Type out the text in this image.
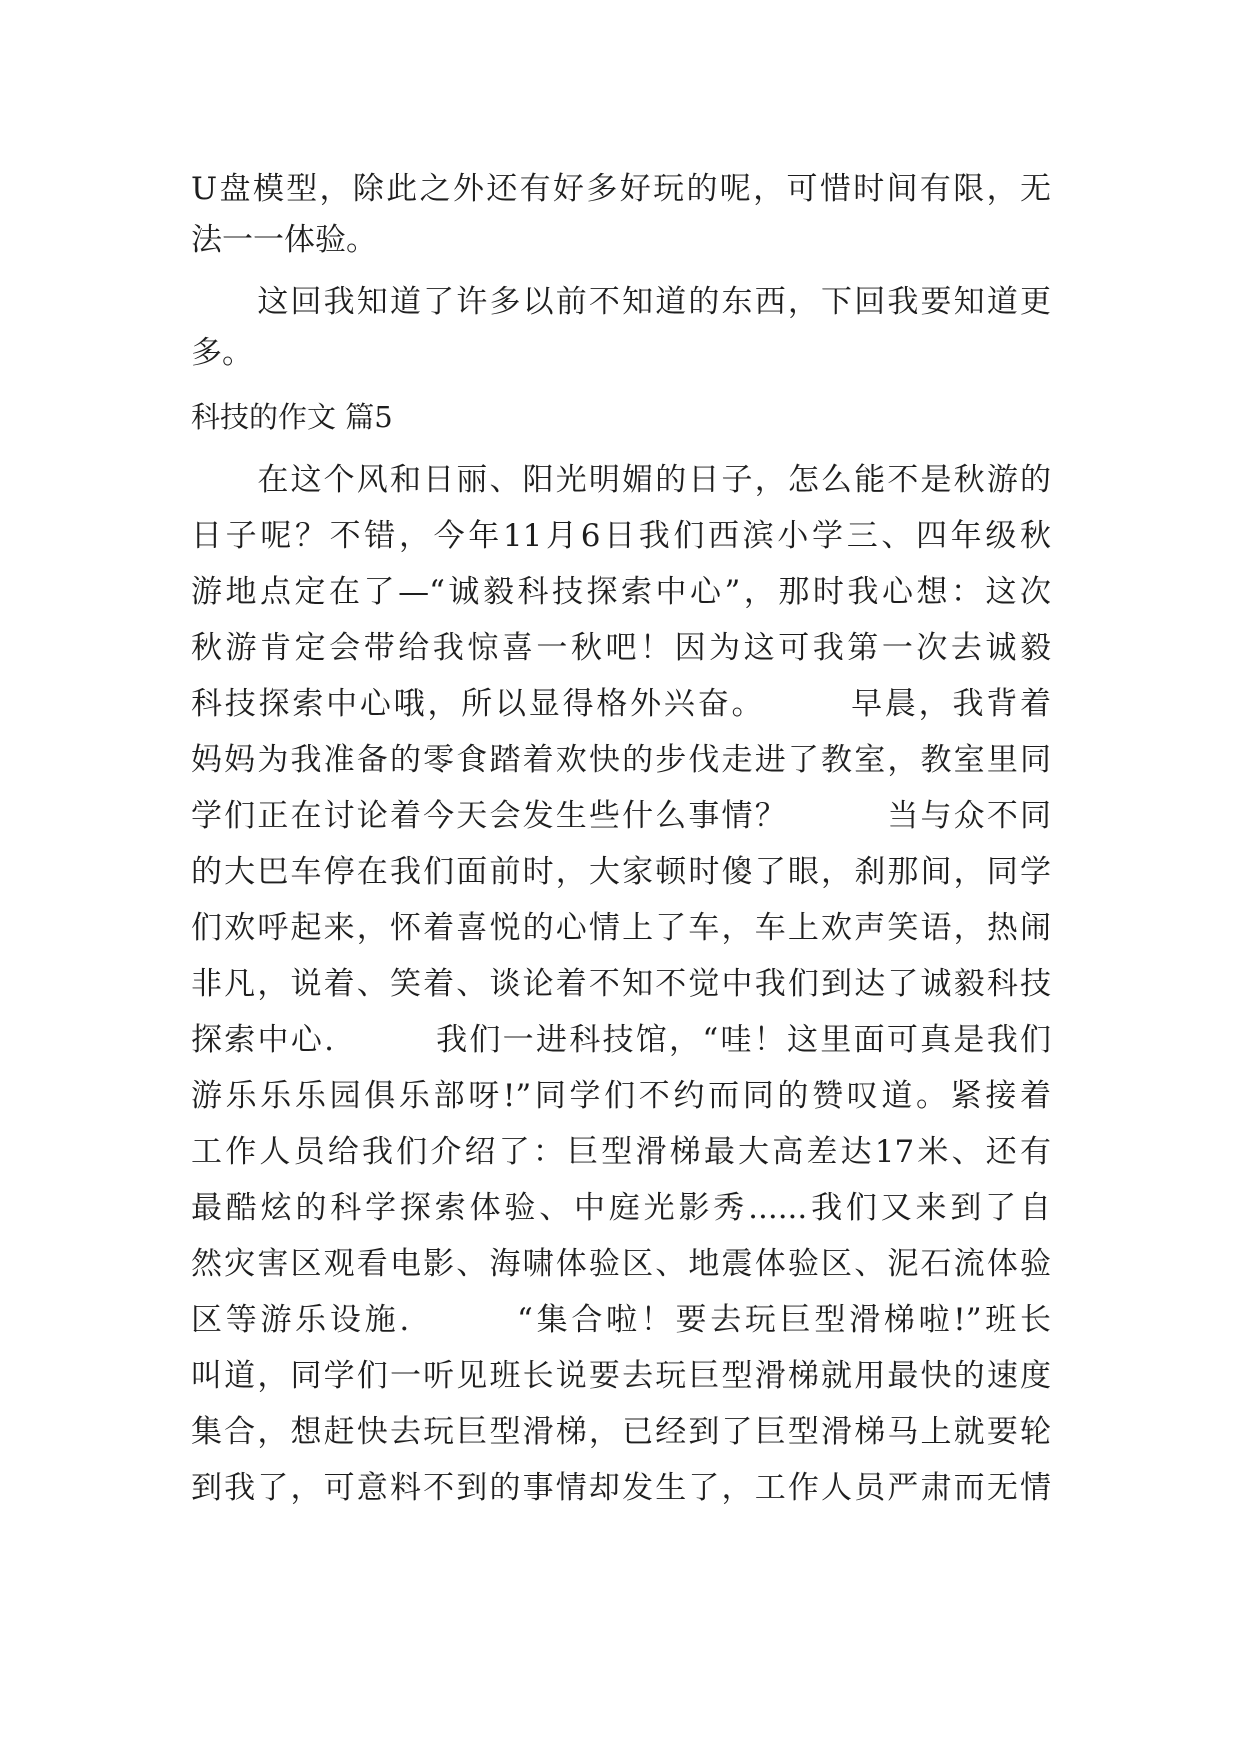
U盘模型，除此之外还有好多好玩的呢，可惜时间有限，无
法一一体验。
　　这回我知道了许多以前不知道的东西，下回我要知道更
多。
科技的作文 篇5
　　在这个风和日丽、阳光明媚的日子，怎么能不是秋游的
日子呢？不错，今年11月6日我们西滨小学三、四年级秋
游地点定在了—“诚毅科技探索中心”，那时我心想：这次
秋游肯定会带给我惊喜一秋吧！因为这可我第一次去诚毅
科技探索中心哦，所以显得格外兴奋。　　　早晨，我背着
妈妈为我准备的零食踏着欢快的步伐走进了教室，教室里同
学们正在讨论着今天会发生些什么事情？　　　当与众不同
的大巴车停在我们面前时，大家顿时傻了眼，刹那间，同学
们欢呼起来，怀着喜悦的心情上了车，车上欢声笑语，热闹
非凡，说着、笑着、谈论着不知不觉中我们到达了诚毅科技
探索中心.　　　我们一进科技馆，“哇！这里面可真是我们
游乐乐乐园俱乐部呀!”同学们不约而同的赞叹道。紧接着
工作人员给我们介绍了：巨型滑梯最大高差达17米、还有
最酷炫的科学探索体验、中庭光影秀......我们又来到了自
然灾害区观看电影、海啸体验区、地震体验区、泥石流体验
区等游乐设施.　　　“集合啦！要去玩巨型滑梯啦!”班长
叫道，同学们一听见班长说要去玩巨型滑梯就用最快的速度
集合，想赶快去玩巨型滑梯，已经到了巨型滑梯马上就要轮
到我了，可意料不到的事情却发生了，工作人员严肃而无情
